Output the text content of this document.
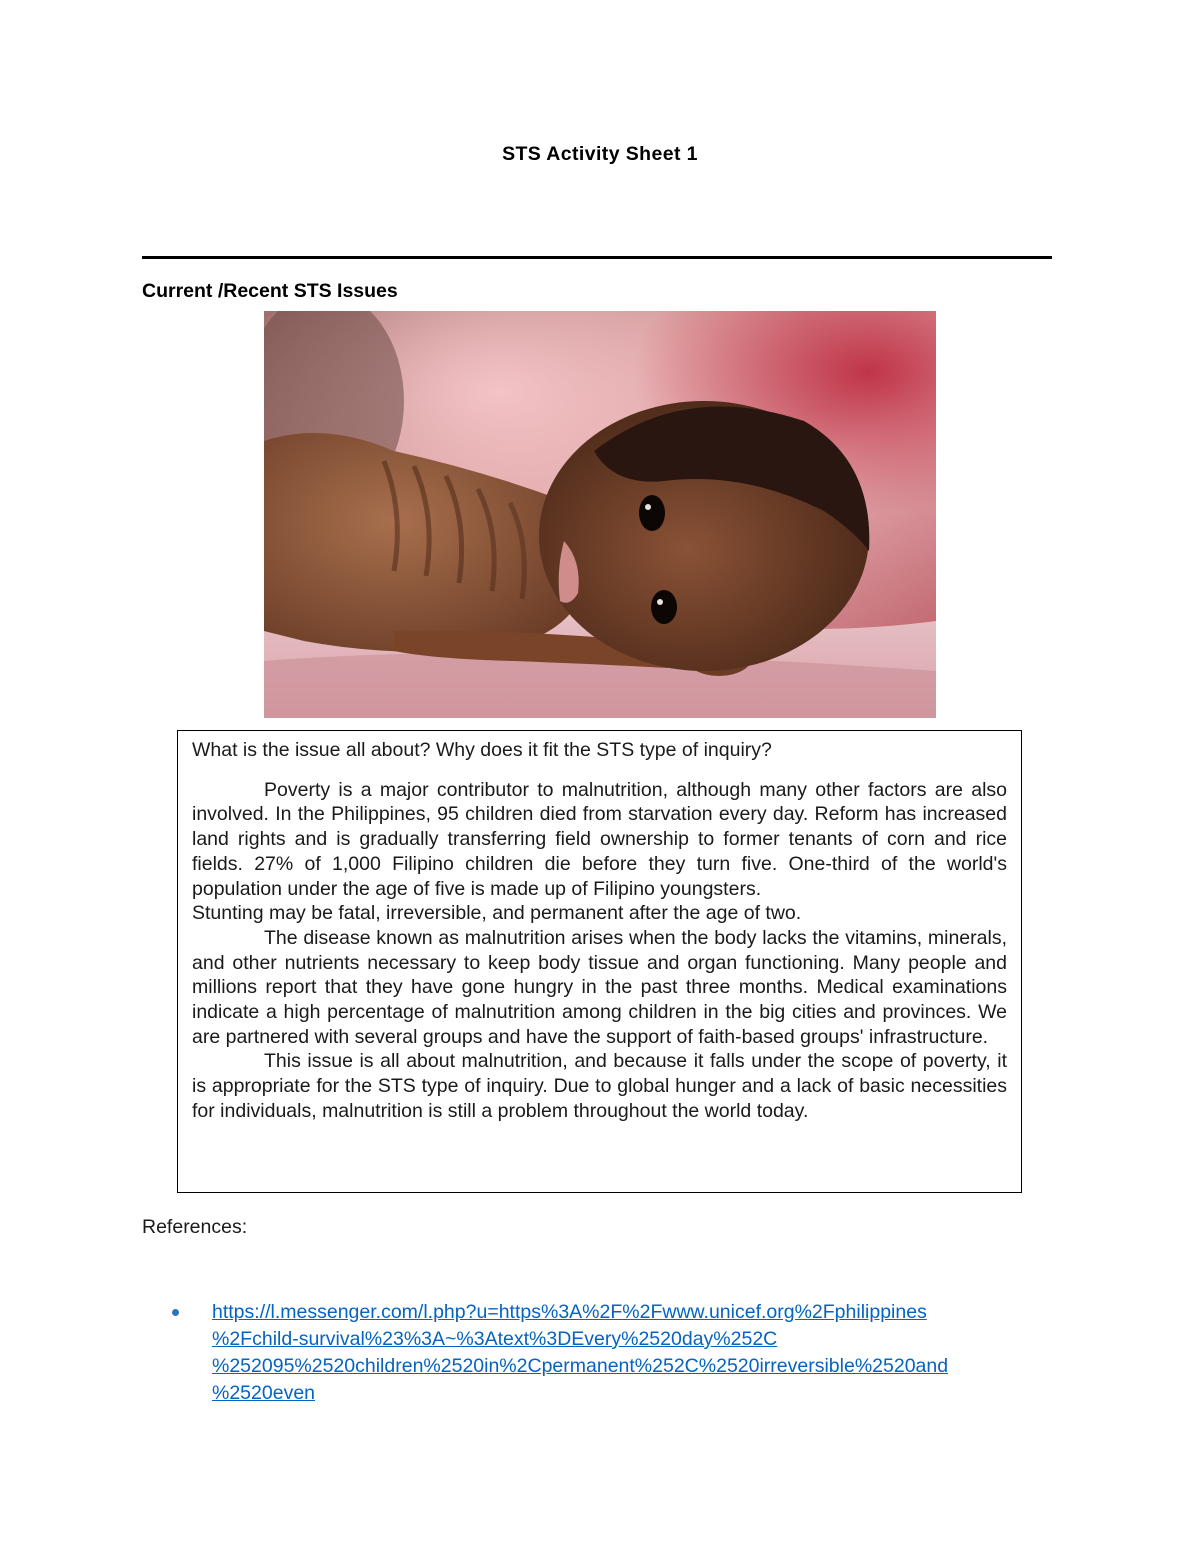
STS Activity Sheet 1
Current /Recent STS Issues

What is the issue all about? Why does it fit the STS type of inquiry?

Poverty is a major contributor to malnutrition, although many other factors are also involved. In the Philippines, 95 children died from starvation every day. Reform has increased land rights and is gradually transferring field ownership to former tenants of corn and rice fields. 27% of 1,000 Filipino children die before they turn five. One-third of the world's population under the age of five is made up of Filipino youngsters.

Stunting may be fatal, irreversible, and permanent after the age of two.

The disease known as malnutrition arises when the body lacks the vitamins, minerals, and other nutrients necessary to keep body tissue and organ functioning. Many people and millions report that they have gone hungry in the past three months. Medical examinations indicate a high percentage of malnutrition among children in the big cities and provinces. We are partnered with several groups and have the support of faith-based groups' infrastructure.

This issue is all about malnutrition, and because it falls under the scope of poverty, it is appropriate for the STS type of inquiry. Due to global hunger and a lack of basic necessities for individuals, malnutrition is still a problem throughout the world today.

References:
https://l.messenger.com/l.php?u=https%3A%2F%2Fwww.unicef.org%2Fphilippines
%2Fchild-survival%23%3A~%3Atext%3DEvery%2520day%252C
%252095%2520children%2520in%2Cpermanent%252C%2520irreversible%2520and
%2520even
